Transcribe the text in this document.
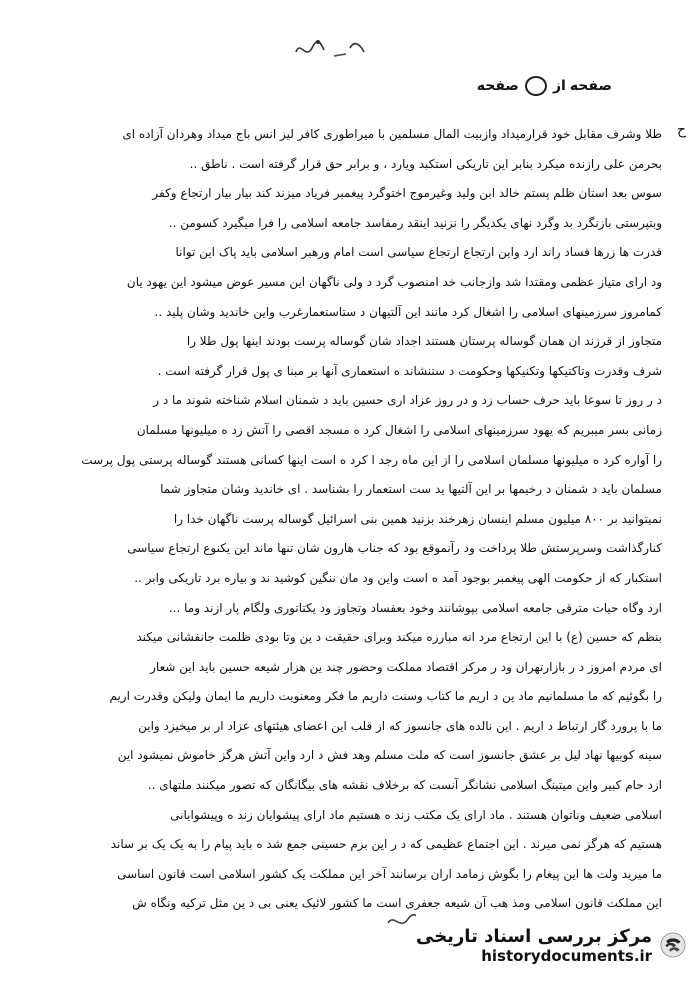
صفحه
از
صفحه
ح
طلا وشرف مقابل خود قرارمیداد وازبیت المال مسلمین با میراطوری کافر لیز انس باج میداد وهردان آزاده ای
بحرمن علی رازنده میکرد بنابر این تاریکی استکبد ویارد ، و برابر حق قرار گرفته است . ناطق ..
سوس بعد استان ظلم پستم خالد ابن ولید وغیرموج اختوگرد پیغمبر فریاد میزند کند بیار بیار ارتجاع وکفر
وبتپرستی بازنگرد بد وگرد نهای یکدیگر را نزنید اینقد رمفاسد جامعه اسلامی را فرا میگیرد کسومن ..
قدرت ها زرها فساد راند ارد واین ارتجاع ارتجاع سیاسی است امام ورهبر اسلامی باید پاک این توانا
ود ارای متیاز عظمی ومقتدا شد وازجانب خد امنصوب گرد د ولی ناگهان این مسیر عوض میشود این یهود یان
کمامروز سرزمینهای اسلامی را اشغال کرد مانند این آلتیهان د ستاستعمارغرب واین خاندید وشان پلید ..
متجاوز از قرزند ان همان گوساله پرستان هستند اجداد شان گوساله پرست بودند اینها پول طلا را
شرف وقدرت وتاکتیکها وتکنیکها وحکومت د ستنشاند ه استعماری آنها بر مبنا ی پول قرار گرفته است .
د ر روز تا سوعا باید حرف حساب زد و در روز عزاد اری حسین باید د شمنان اسلام شناخته شوند ما د ر
زمانی بسر میبریم که یهود سرزمینهای اسلامی را اشغال کرد ه مسجد اقصی را آتش زد ه میلیونها مسلمان
را آواره کرد ه میلیونها مسلمان اسلامی را از این ماه رجد ا کرد ه است اینها کسانی هستند گوساله پرستی پول پرست
مسلمان باید د شمنان د رخیمها بر این آلتیها ید ست استعمار را بشناسد . ای خاندید وشان متجاوز شما
نمیتوانید بر ۸۰۰ میلیون مسلم اینسان زهرخند بزنید همین بنی اسرائیل گوساله پرست ناگهان خدا را
کنارگذاشت وسرپرستش طلا پرداخت ود رآنموقع بود که جناب هارون شان تنها ماند این یکنوع ارتجاع سیاسی
استکبار که از حکومت الهی پیغمبر بوجود آمد ه است واین ود مان ننگین کوشید ند و بیاره برد تاریکی وابر ..
ارد وگاه حیات مترقی جامعه اسلامی بپوشانند وخود بعفساد وتجاوز ود یکتاتوری ولگام پار ازند وما ...
بنظم که حسین (ع) با این ارتجاع مرد انه مبارزه میکند وبرای حقیقت د ین وتا بودی ظلمت جانفشانی میکند
ای مردم امروز د ر بازارتهران ود ر مرکز اقتصاد مملکت وحضور چند ین هزار شیعه حسین باید این شعار
را بگوئیم که ما مسلمانیم ماد ین د اریم ما کتاب وسنت داریم ما فکر ومعنویت داریم ما ایمان ولیکن وقدرت اریم
ما با پرورد گار ارتباط د اریم . این نالده های جانسوز که از قلب این اعضای هیئتهای عزاد ار بر میخیزد واین
سینه کوبیها نهاد لیل بر عشق جانسوز است که ملت مسلم وهد فش د ارد واین آتش هرگز خاموش نمیشود این
ازد حام کبیر واین میتینگ اسلامی نشانگر آنست که برخلاف نقشه های بیگانگان که تصور میکنند ملتهای ..
اسلامی ضعیف وناتوان هستند . ماد ارای یک مکتب زند ه هستیم ماد ارای پیشوایان زند ه وپیشوایانی
هستیم که هرگز نمی میرند . این اجتماع عظیمی که د ر این بزم حسینی جمع شد ه باید پیام را به یک یک بر ساند
ما میرید ولت ها این پیغام را بگوش زمامد اران برسانند آخر این مملکت یک کشور اسلامی است قانون اساسی
این مملکت قانون اسلامی ومذ هب آن شیعه جعفری است ما کشور لائیک یعنی بی د ین مثل ترکیه ونگاه ش
مرکز بررسی اسناد تاریخی
historydocuments.ir
